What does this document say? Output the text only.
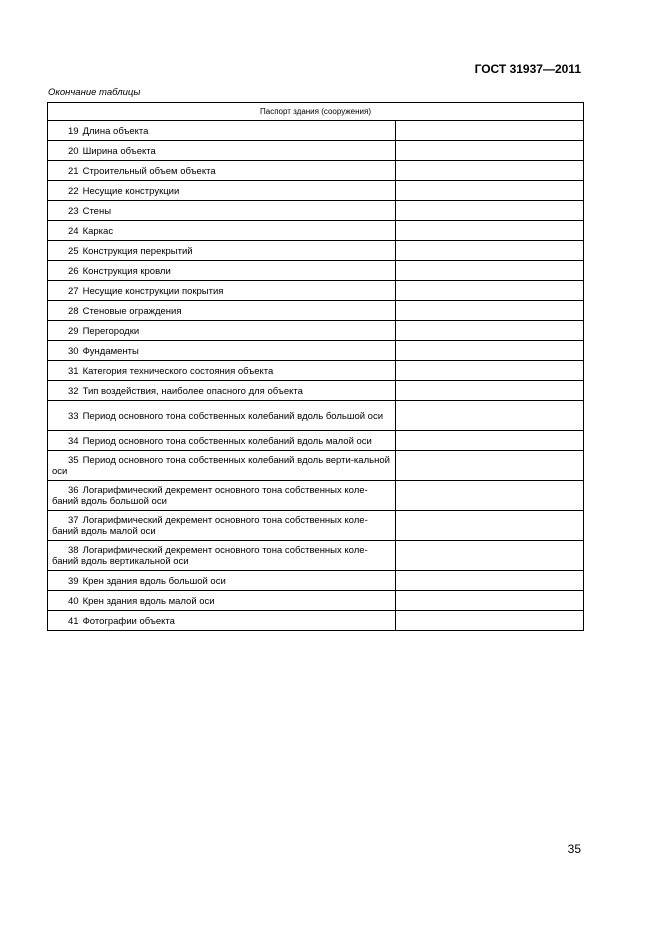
ГОСТ 31937—2011
Окончание таблицы
Паспорт здания (сооружения)	
19 Длина объекта	
20 Ширина объекта	
21 Строительный объем объекта	
22 Несущие конструкции	
23 Стены	
24 Каркас	
25 Конструкция перекрытий	
26 Конструкция кровли	
27 Несущие конструкции покрытия	
28 Стеновые ограждения	
29 Перегородки	
30 Фундаменты	
31 Категория технического состояния объекта	
32 Тип воздействия, наиболее опасного для объекта	
33 Период основного тона собственных колебаний вдоль большой оси	
34 Период основного тона собственных колебаний вдоль малой оси	
35 Период основного тона собственных колебаний вдоль верти-кальной оси	
36 Логарифмический декремент основного тона собственных коле-баний вдоль большой оси	
37 Логарифмический декремент основного тона собственных коле-баний вдоль малой оси	
38 Логарифмический декремент основного тона собственных коле-баний вдоль вертикальной оси	
39 Крен здания вдоль большой оси	
40 Крен здания вдоль малой оси	
41 Фотографии объекта	
35
